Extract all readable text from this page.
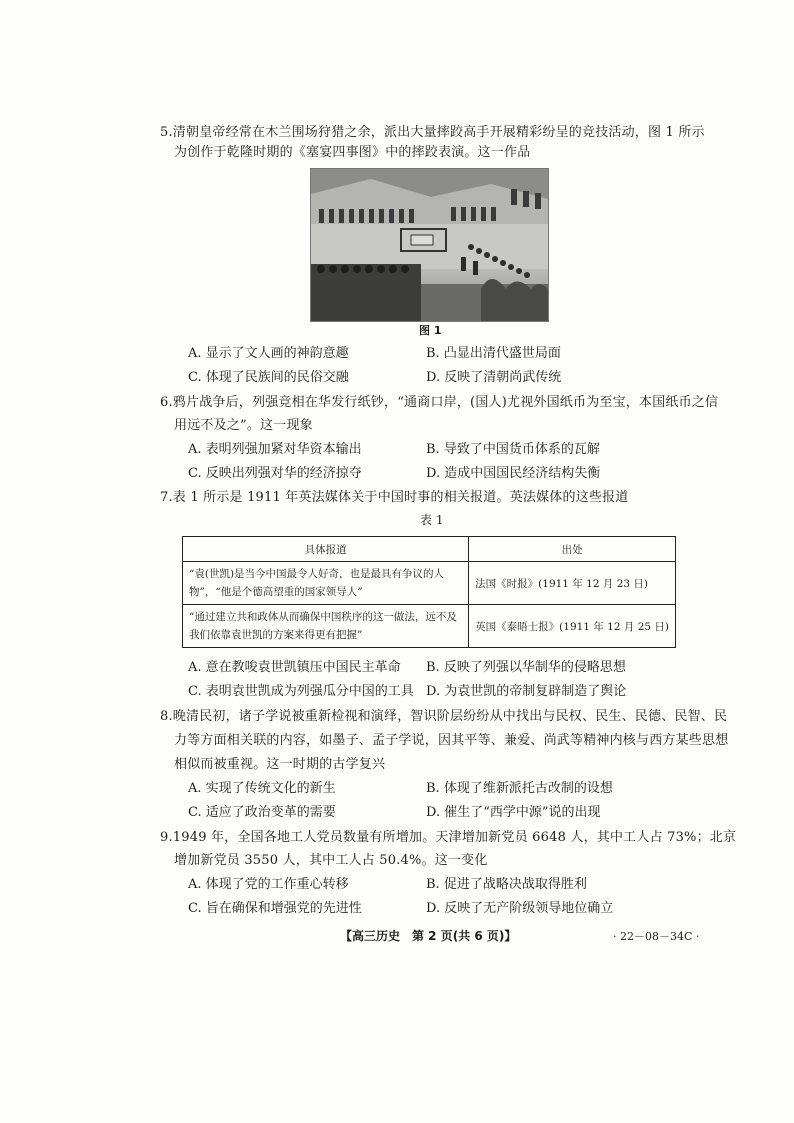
5.清朝皇帝经常在木兰围场狩猎之余，派出大量摔跤高手开展精彩纷呈的竞技活动，图 1 所示
为创作于乾隆时期的《塞宴四事图》中的摔跤表演。这一作品
图 1
A. 显示了文人画的神韵意趣	B. 凸显出清代盛世局面
C. 体现了民族间的民俗交融	D. 反映了清朝尚武传统
6.鸦片战争后，列强竞相在华发行纸钞，“通商口岸，(国人)尤视外国纸币为至宝，本国纸币之信
用远不及之”。这一现象
A. 表明列强加紧对华资本输出	B. 导致了中国货币体系的瓦解
C. 反映出列强对华的经济掠夺	D. 造成中国国民经济结构失衡
7.表 1 所示是 1911 年英法媒体关于中国时事的相关报道。英法媒体的这些报道
表 1
具体报道	出处
“袁(世凯)是当今中国最令人好奇，也是最具有争议的人物”，“他是个德高望重的国家领导人”	法国《时报》(1911 年 12 月 23 日)
“通过建立共和政体从而确保中国秩序的这一做法，远不及我们依靠袁世凯的方案来得更有把握”	英国《泰晤士报》(1911 年 12 月 25 日)
A. 意在教唆袁世凯镇压中国民主革命 B. 反映了列强以华制华的侵略思想
C. 表明袁世凯成为列强瓜分中国的工具 D. 为袁世凯的帝制复辟制造了舆论
8.晚清民初，诸子学说被重新检视和演绎，智识阶层纷纷从中找出与民权、民生、民德、民智、民
力等方面相关联的内容，如墨子、孟子学说，因其平等、兼爱、尚武等精神内核与西方某些思想
相似而被重视。这一时期的古学复兴
A. 实现了传统文化的新生	B. 体现了维新派托古改制的设想
C. 适应了政治变革的需要	D. 催生了“西学中源”说的出现
9.1949 年，全国各地工人党员数量有所增加。天津增加新党员 6648 人，其中工人占 73%；北京
增加新党员 3550 人，其中工人占 50.4%。这一变化
A. 体现了党的工作重心转移	B. 促进了战略决战取得胜利
C. 旨在确保和增强党的先进性	D. 反映了无产阶级领导地位确立
【高三历史　第 2 页(共 6 页)】	· 22－08－34C ·
